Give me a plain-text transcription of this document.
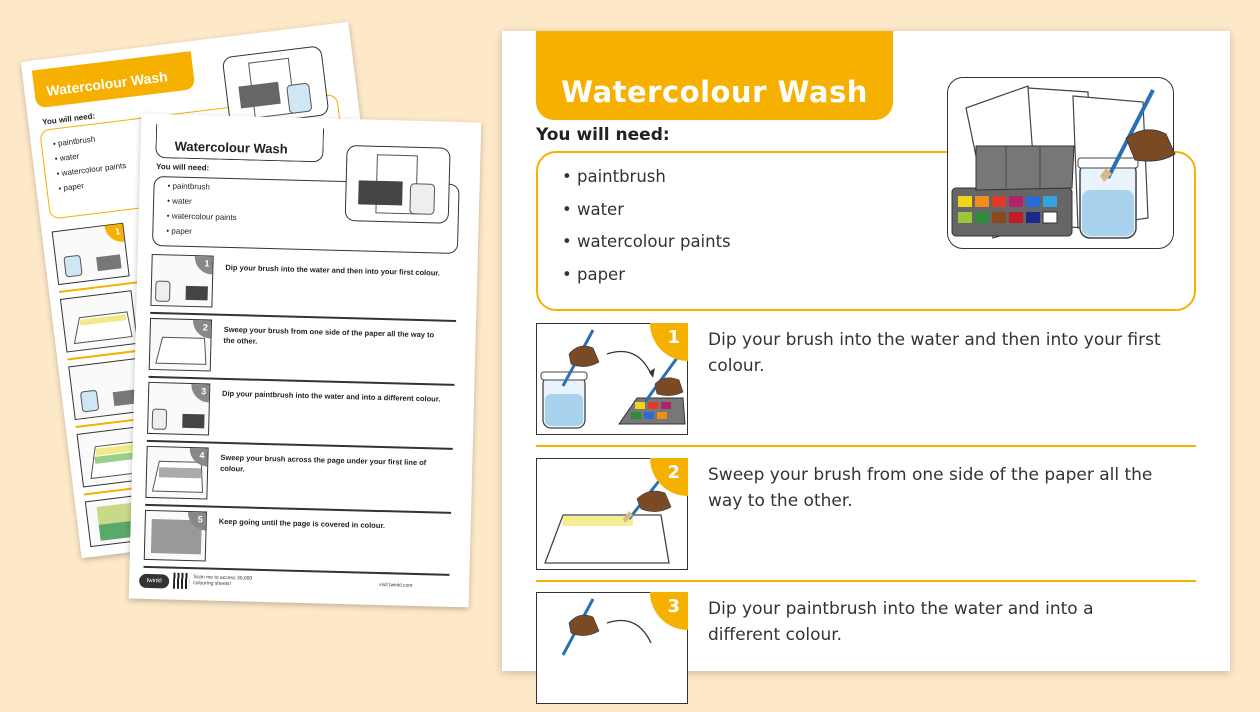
Watercolour Wash
You will need:
• paintbrush
• water
• watercolour paints
• paper
1
Watercolour Wash
You will need:
• paintbrush
• water
• watercolour paints
• paper
1	Dip your brush into the water and then into your first colour.
2	Sweep your brush from one side of the paper all the way to the other.
3	Dip your paintbrush into the water and into a different colour.
4	Sweep your brush across the page under your first line of colour.
5	Keep going until the page is covered in colour.
twinkl	Scan me to access 30,000 colouring sheets!	visit twinkl.com
Watercolour Wash
You will need:
• paintbrush
• water
• watercolour paints
• paper
1	Dip your brush into the water and then into your first colour.
2	Sweep your brush from one side of the paper all the way to the other.
3	Dip your paintbrush into the water and into a different colour.
